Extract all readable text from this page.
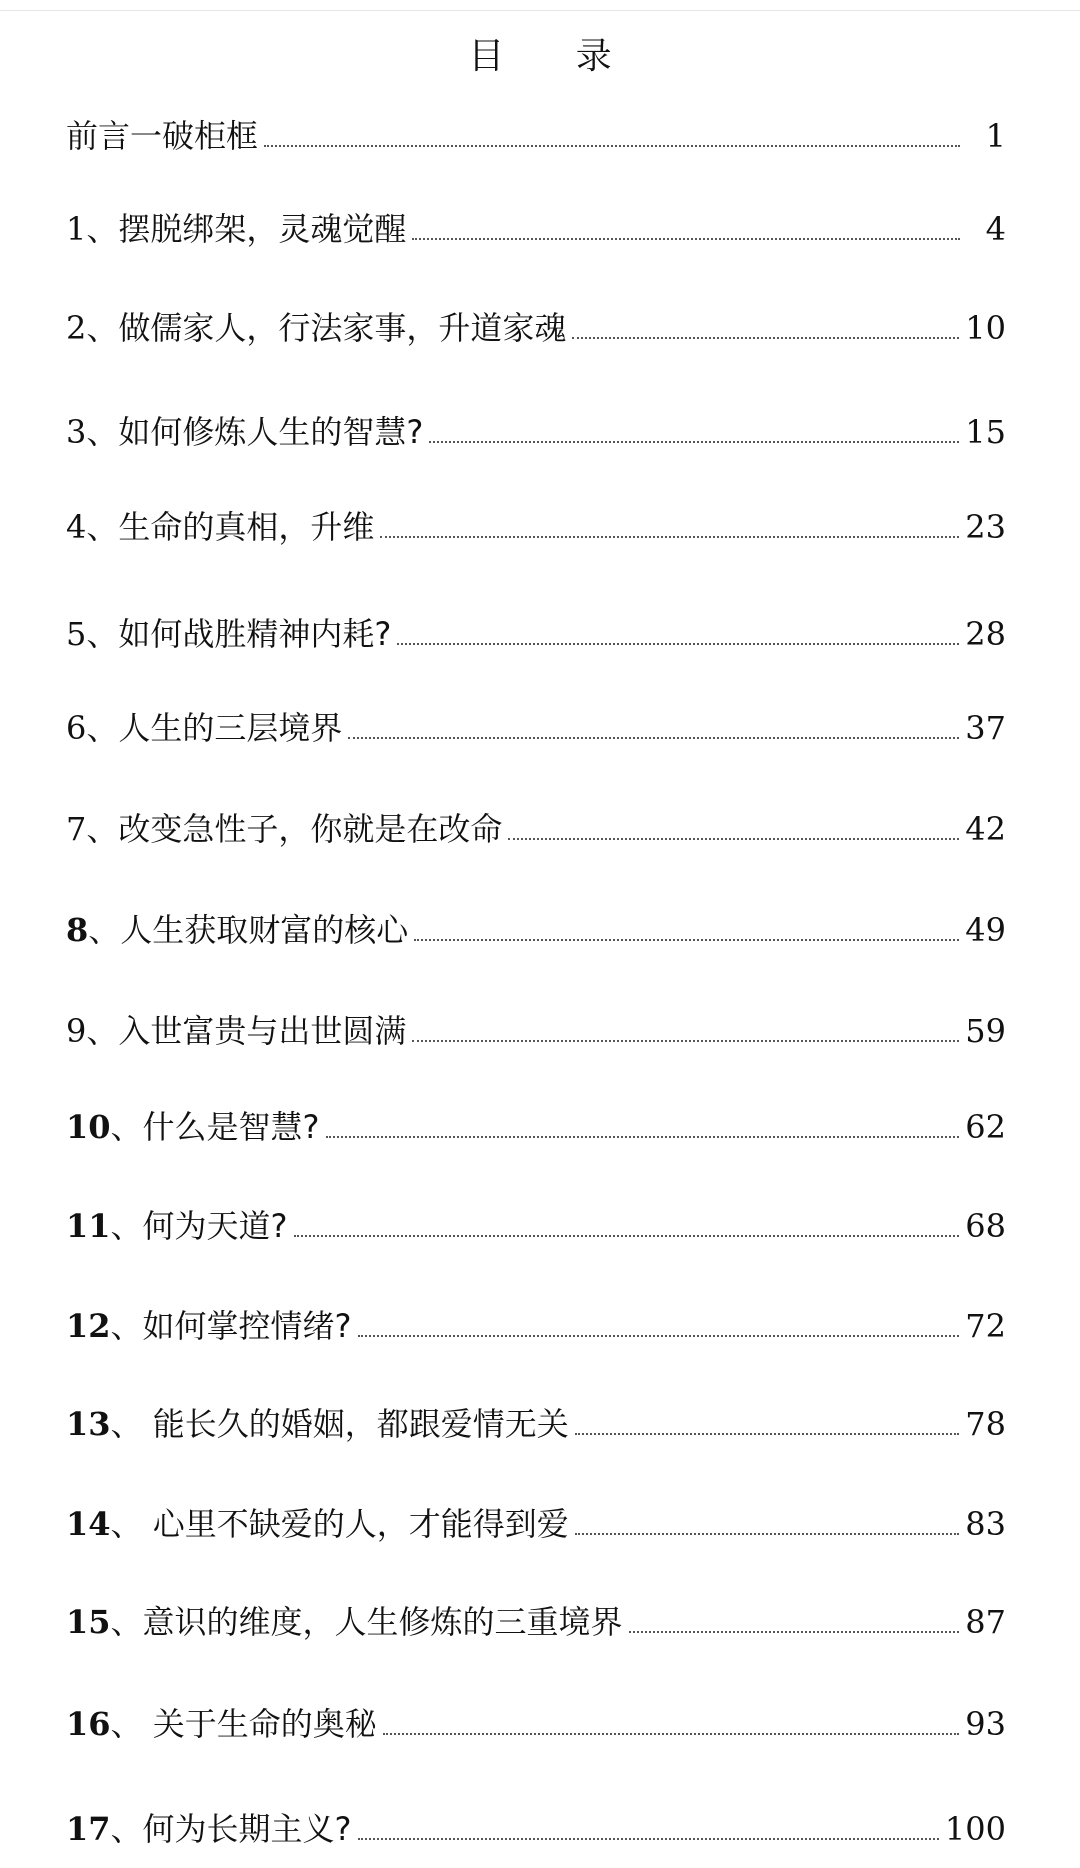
目 录
前言一破柜框	1
1 、摆脱绑架，灵魂觉醒	4
2 、做儒家人，行法家事，升道家魂	10
3 、如何修炼人生的智慧?	15
4 、生命的真相，升维	23
5 、如何战胜精神内耗?	28
6 、人生的三层境界	37
7 、改变急性子，你就是在改命	42
8 、人生获取财富的核心	49
9 、入世富贵与出世圆满	59
10 、什么是智慧?	62
11 、何为天道?	68
12 、如何掌控情绪?	72
13 、 能长久的婚姻，都跟爱情无关	78
14 、 心里不缺爱的人，才能得到爱	83
15 、意识的维度，人生修炼的三重境界	87
16 、 关于生命的奥秘	93
17 、何为长期主义?	100
